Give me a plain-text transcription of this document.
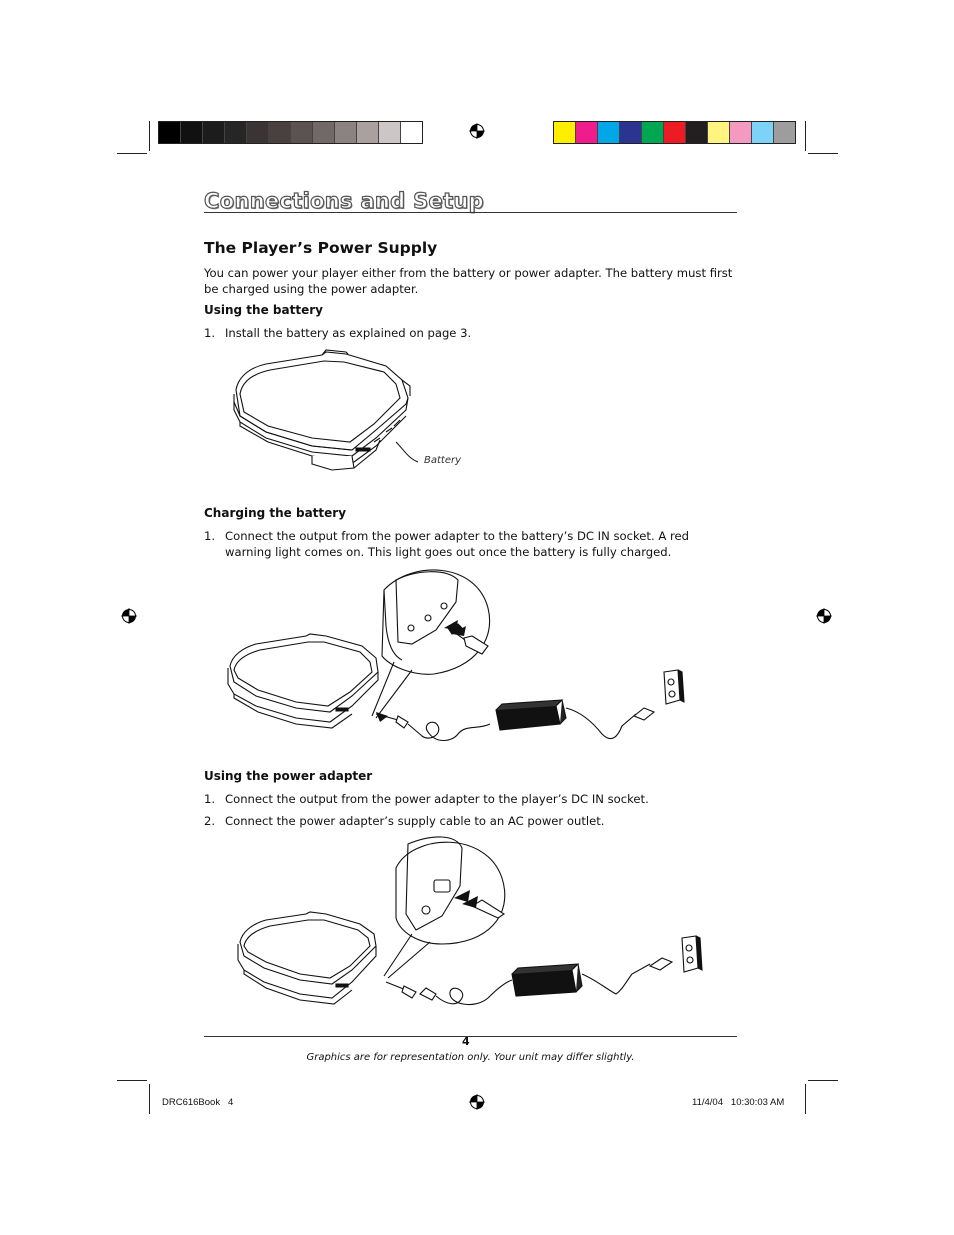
Connections and Setup
The Player’s Power Supply
You can power your player either from the battery or power adapter. The battery must first be charged using the power adapter.
Using the battery
1. Install the battery as explained on page 3.
Battery
Charging the battery
1. Connect the output from the power adapter to the battery’s DC IN socket. A red warning light comes on. This light goes out once the battery is fully charged.
Using the power adapter
1. Connect the output from the power adapter to the player’s DC IN socket.
2. Connect the power adapter’s supply cable to an AC power outlet.
4
Graphics are for representation only. Your unit may differ slightly.
DRC616Book   4	11/4/04   10:30:03 AM
